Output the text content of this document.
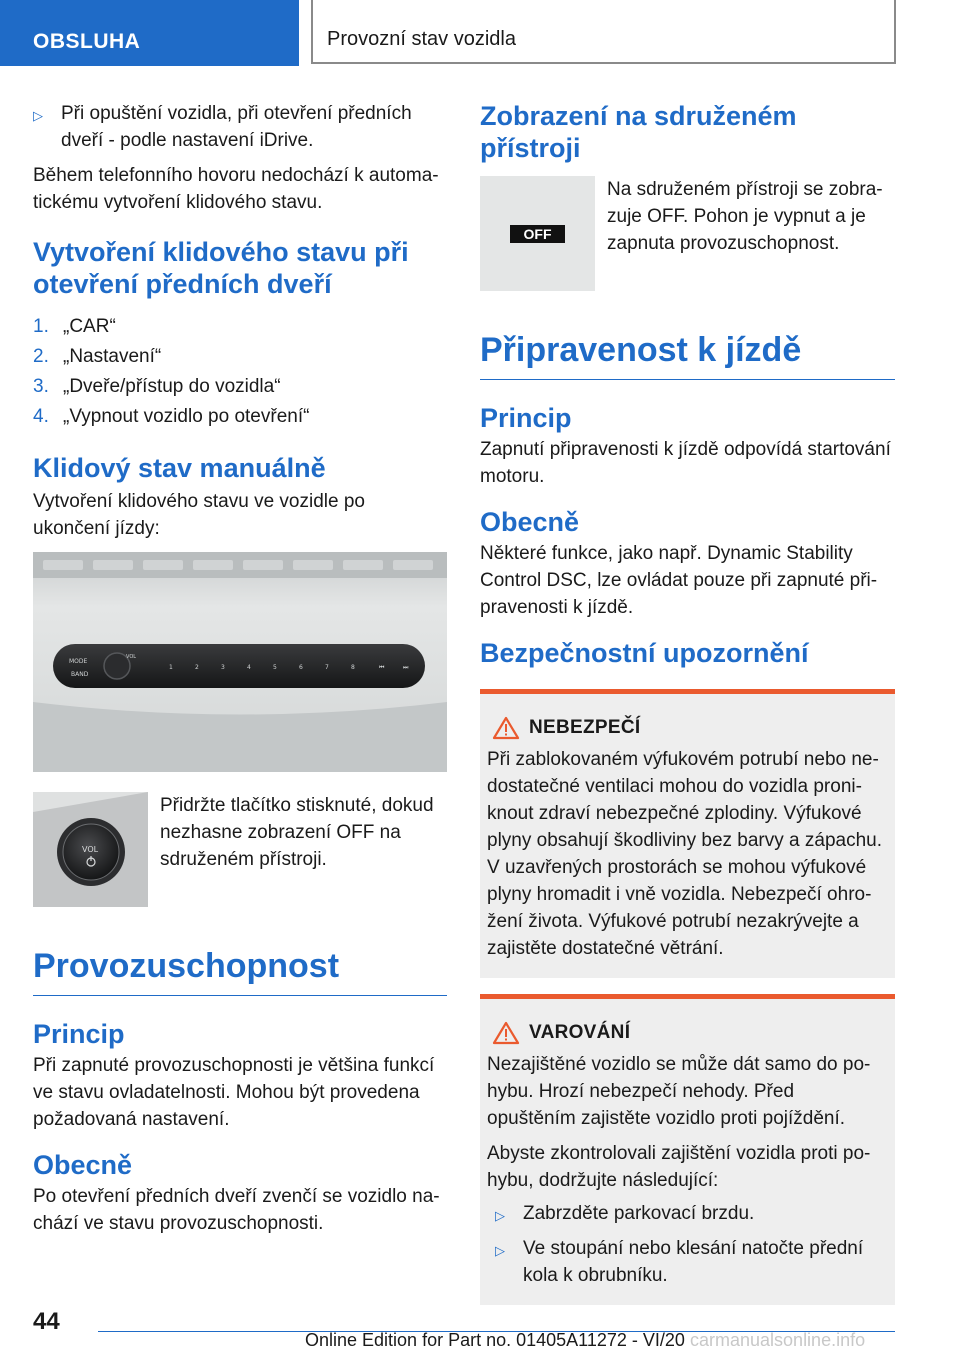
OBSLUHA	Provozní stav vozidla
▷ Při opuštění vozidla, při otevření předních dveří - podle nastavení iDrive.

Během telefonního hovoru nedochází k automatickému vytvoření klidového stavu.

Vytvoření klidového stavu při otevření předních dveří
1. „CAR“
2. „Nastavení“
3. „Dveře/přístup do vozidla“
4. „Vypnout vozidlo po otevření“
Klidový stav manuálně

Vytvoření klidového stavu ve vozidle po ukončení jízdy:

MODE
BAND
VOL
1	2	3	4	5	6	7	8	⏮	⏭
VOL

Přidržte tlačítko stisknuté, dokud nezhasne zobrazení OFF na sdruženém přístroji.

Provozuschopnost
Princip

Při zapnuté provozuschopnosti je většina funkcí ve stavu ovladatelnosti. Mohou být provedena požadovaná nastavení.

Obecně

Po otevření předních dveří zvenčí se vozidlo nachází ve stavu provozuschopnosti.

Zobrazení na sdruženém přístroji
OFF

Na sdruženém přístroji se zobrazuje OFF. Pohon je vypnut a je zapnuta provozuschopnost.

Připravenost k jízdě
Princip

Zapnutí připravenosti k jízdě odpovídá startování motoru.

Obecně

Některé funkce, jako např. Dynamic Stability Control DSC, lze ovládat pouze při zapnuté připravenosti k jízdě.

Bezpečnostní upozornění
NEBEZPEČÍ

Při zablokovaném výfukovém potrubí nebo nedostatečné ventilaci mohou do vozidla proniknout zdraví nebezpečné zplodiny. Výfukové plyny obsahují škodliviny bez barvy a zápachu. V uzavřených prostorách se mohou výfukové plyny hromadit i vně vozidla. Nebezpečí ohrožení života. Výfukové potrubí nezakrývejte a zajistěte dostatečné větrání.

VAROVÁNÍ

Nezajištěné vozidlo se může dát samo do pohybu. Hrozí nebezpečí nehody. Před opuštěním zajistěte vozidlo proti pojíždění.

Abyste zkontrolovali zajištění vozidla proti pohybu, dodržujte následující:

▷ Zabrzděte parkovací brzdu.
▷ Ve stoupání nebo klesání natočte přední kola k obrubníku.
44
Online Edition for Part no. 01405A11272 - VI/20 carmanualsonline.info
